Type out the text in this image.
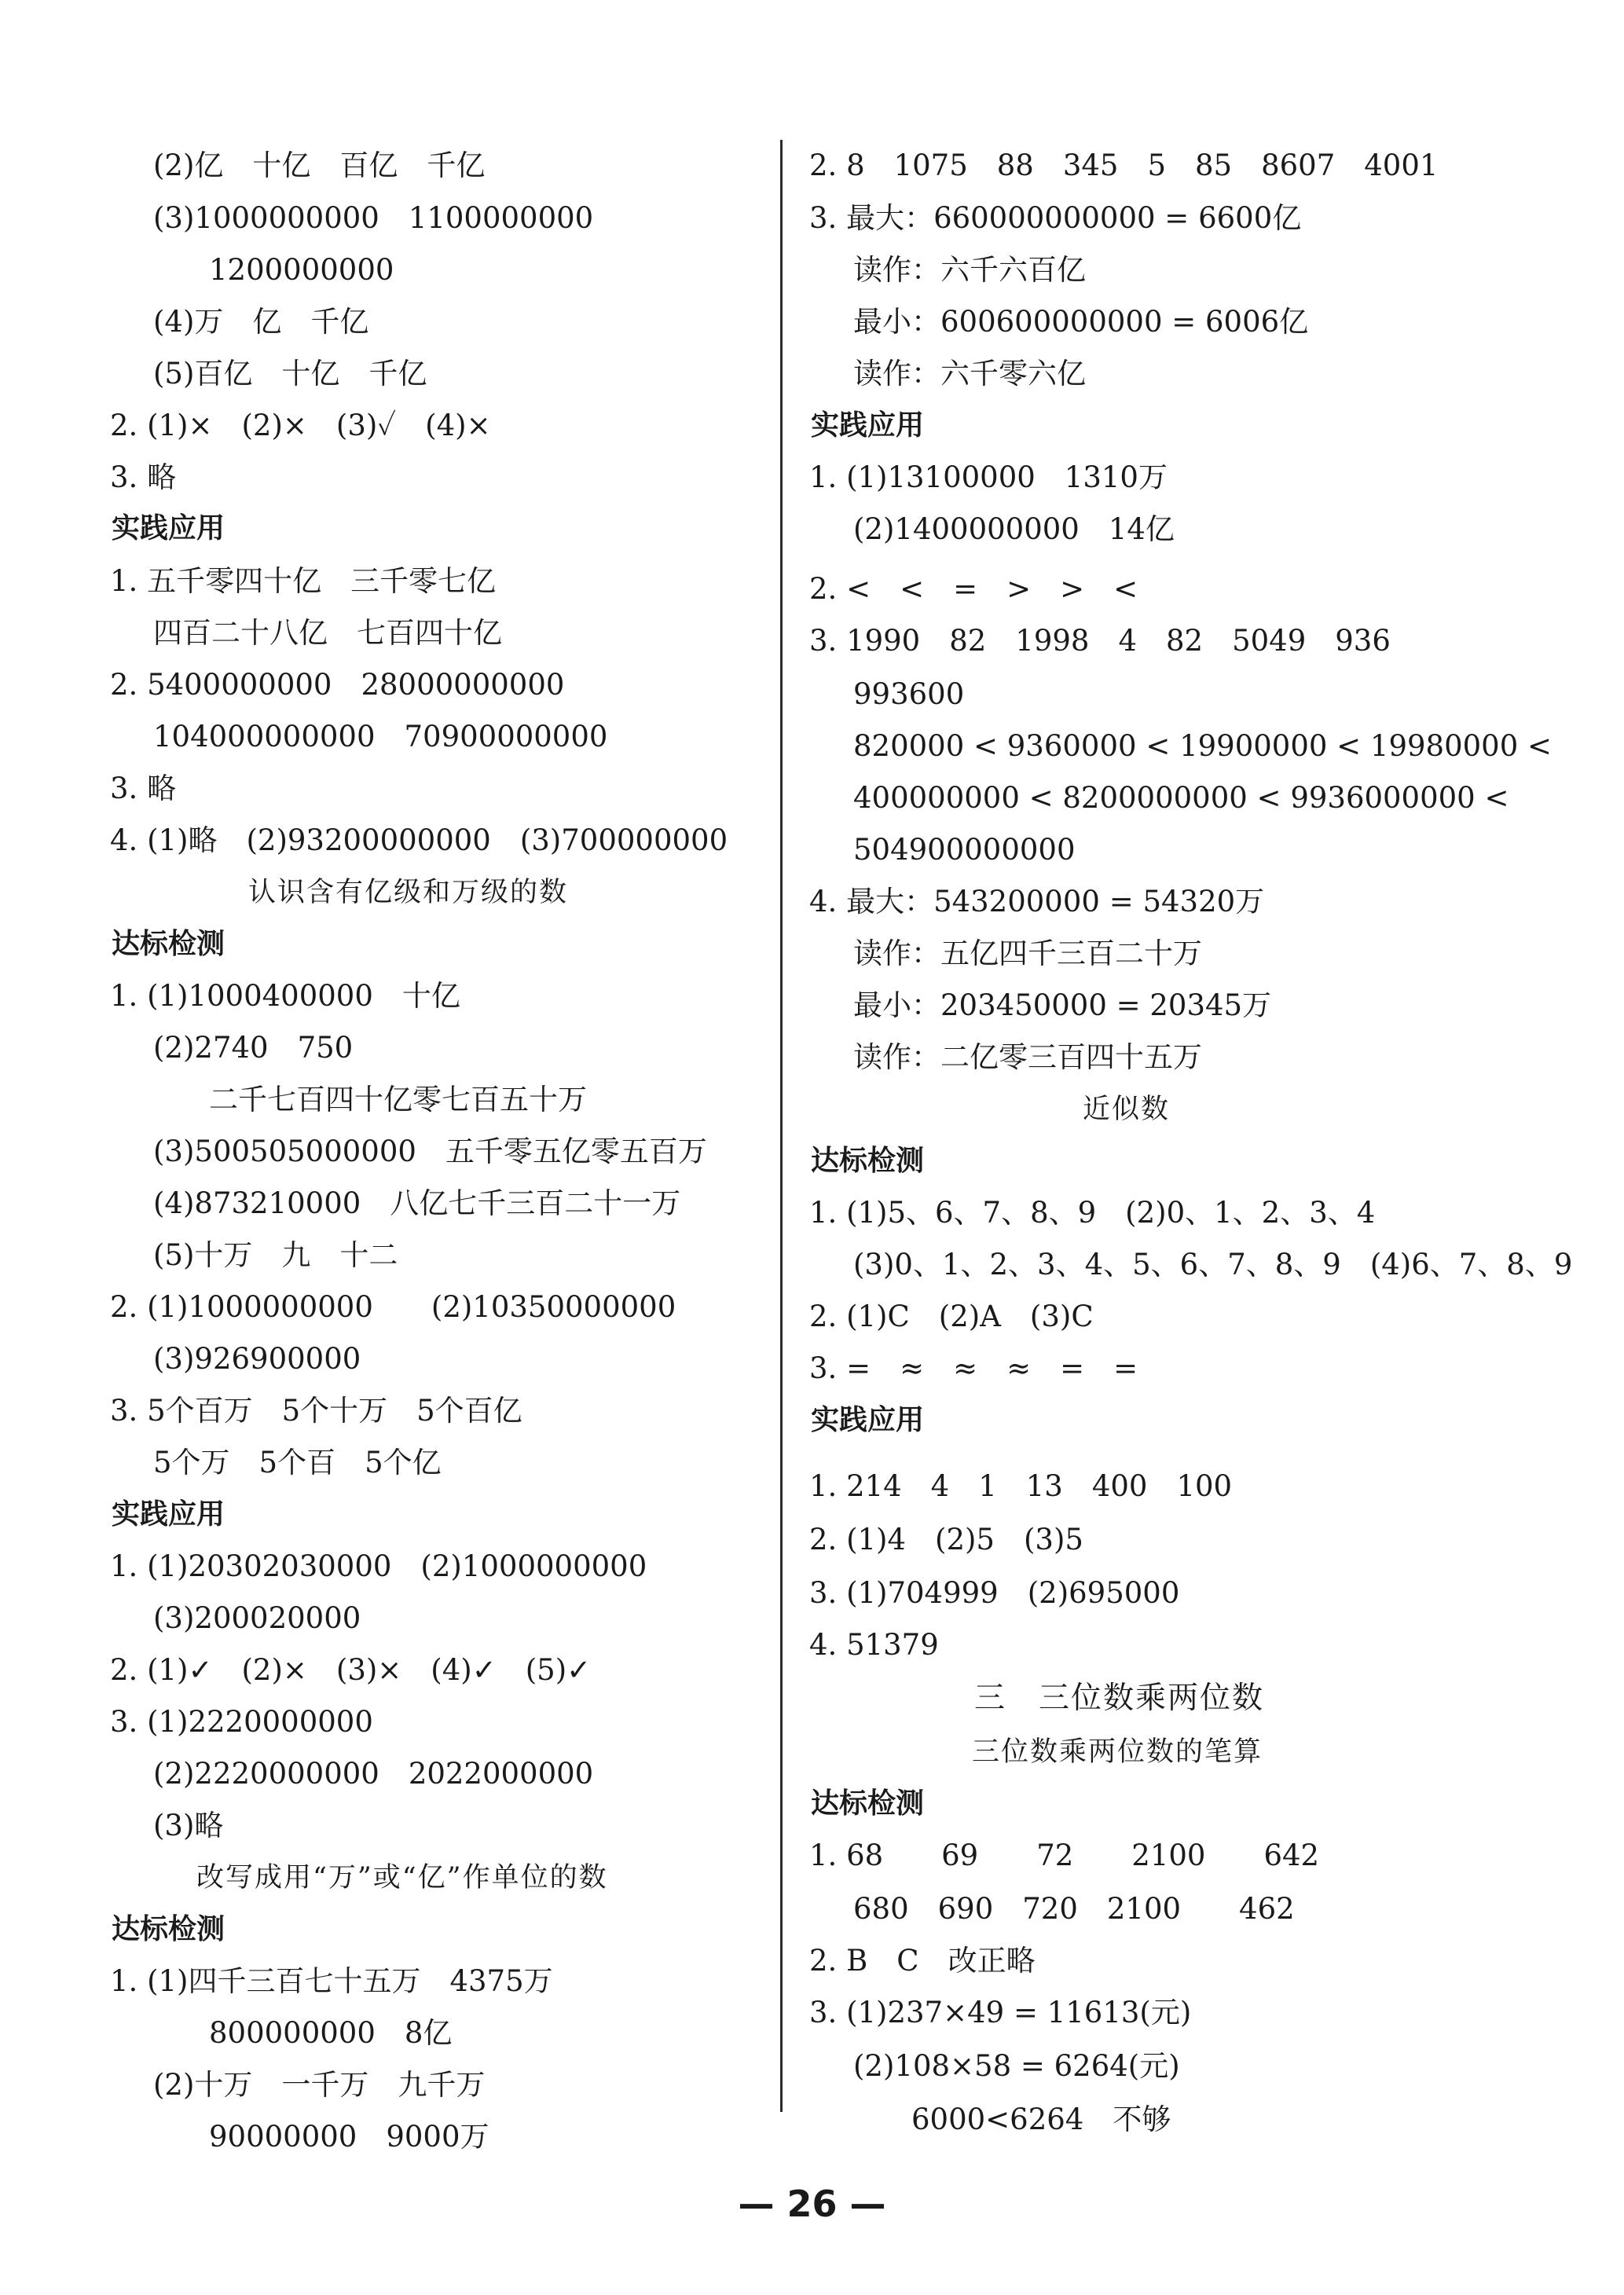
(2)亿　十亿　百亿　千亿
(3)1000000000　1100000000
1200000000
(4)万　亿　千亿
(5)百亿　十亿　千亿
2. (1)×　(2)×　(3)✓　(4)×
3. 略
实践应用
1. 五千零四十亿　三千零七亿
四百二十八亿　七百四十亿
2. 5400000000　28000000000
104000000000　70900000000
3. 略
4. (1)略　(2)93200000000　(3)700000000
认识含有亿级和万级的数
达标检测
1. (1)1000400000　十亿
(2)2740　750
二千七百四十亿零七百五十万
(3)500505000000　五千零五亿零五百万
(4)873210000　八亿七千三百二十一万
(5)十万　九　十二
2. (1)1000000000　　(2)10350000000
(3)926900000
3. 5个百万　5个十万　5个百亿
5个万　5个百　5个亿
实践应用
1. (1)20302030000　(2)1000000000
(3)200020000
2. (1)✓　(2)×　(3)×　(4)✓　(5)✓
3. (1)2220000000
(2)2220000000　2022000000
(3)略
改写成用“万”或“亿”作单位的数
达标检测
1. (1)四千三百七十五万　4375万
800000000　8亿
(2)十万　一千万　九千万
90000000　9000万
2. 8　1075　88　345　5　85　8607　4001
3. 最大：660000000000 = 6600亿
读作：六千六百亿
最小：600600000000 = 6006亿
读作：六千零六亿
实践应用
1. (1)13100000　1310万
(2)1400000000　14亿
2. <　<　=　>　>　<
3. 1990　82　1998　4　82　5049　936
993600
820000 < 9360000 < 19900000 < 19980000 <
400000000 < 8200000000 < 9936000000 <
504900000000
4. 最大：543200000 = 54320万
读作：五亿四千三百二十万
最小：203450000 = 20345万
读作：二亿零三百四十五万
近似数
达标检测
1. (1)5、6、7、8、9　(2)0、1、2、3、4
(3)0、1、2、3、4、5、6、7、8、9　(4)6、7、8、9
2. (1)C　(2)A　(3)C
3. =　≈　≈　≈　=　=
实践应用
1. 214　4　1　13　400　100
2. (1)4　(2)5　(3)5
3. (1)704999　(2)695000
4. 51379
三　三位数乘两位数
三位数乘两位数的笔算
达标检测
1. 68　　69　　72　　2100　　642
680　690　720　2100　　462
2. B　C　改正略
3. (1)237×49 = 11613(元)
(2)108×58 = 6264(元)
6000<6264　不够
— 26 —
